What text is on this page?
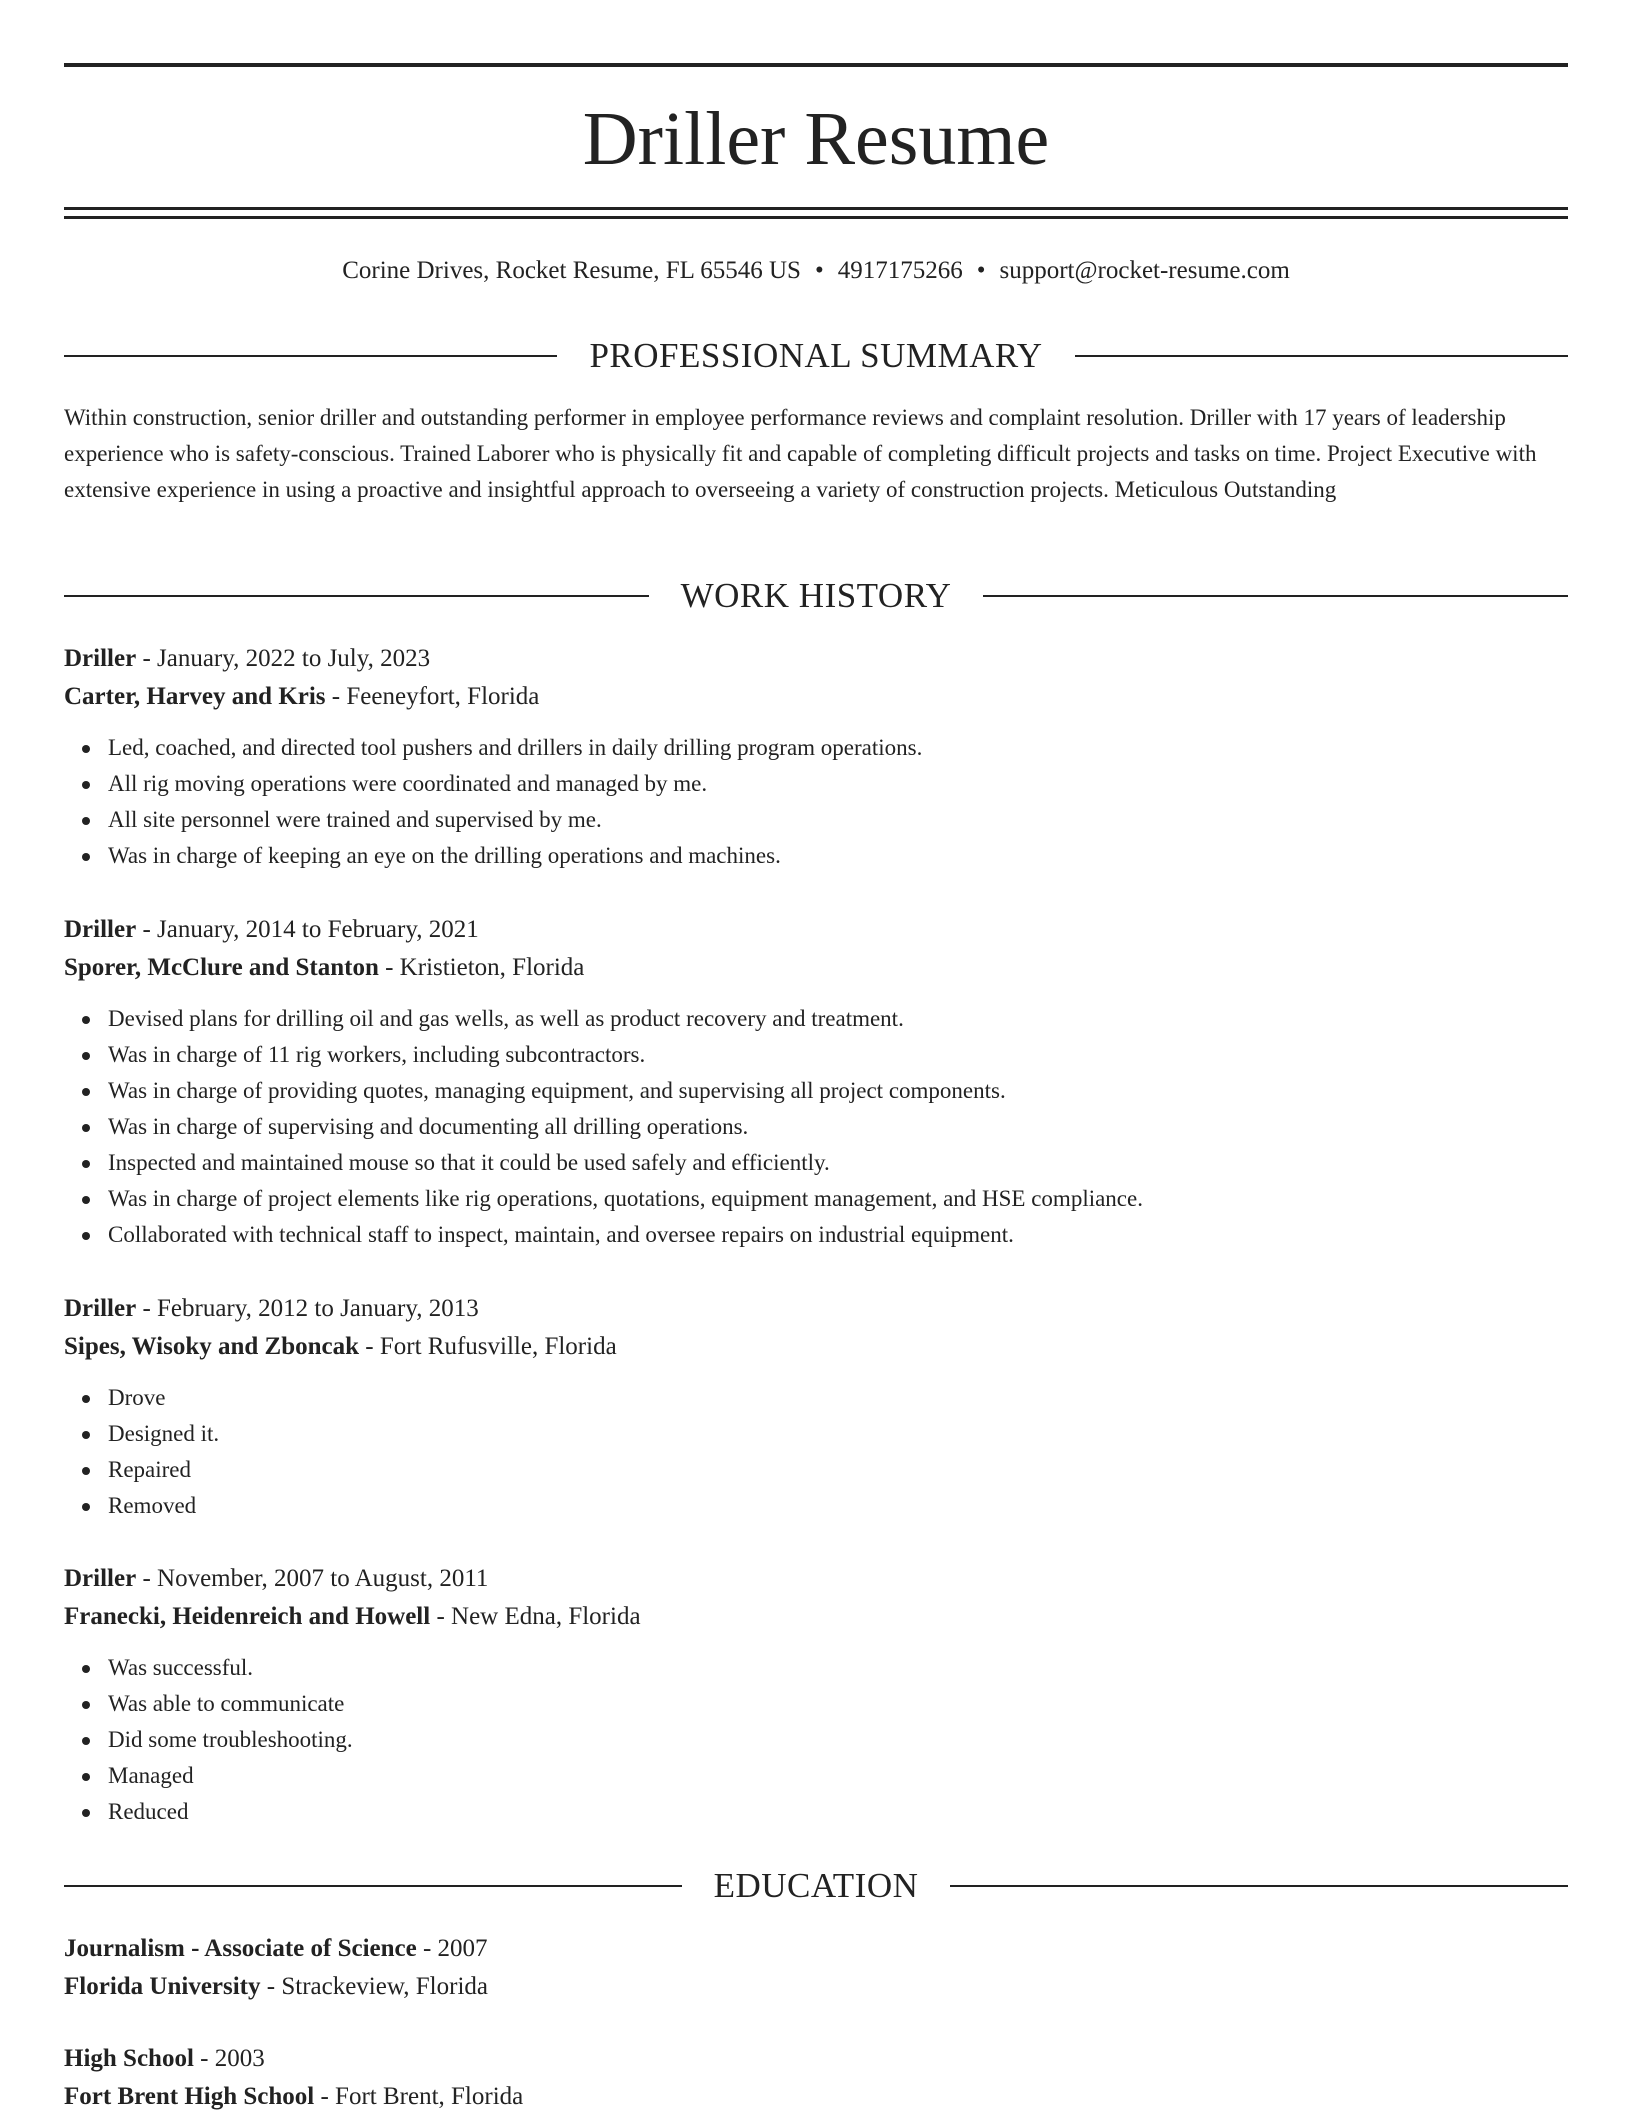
Driller Resume
Corine Drives, Rocket Resume, FL 65546 US • 4917175266 • support@rocket-resume.com
PROFESSIONAL SUMMARY

Within construction, senior driller and outstanding performer in employee performance reviews and complaint resolution. Driller with 17 years of leadership experience who is safety-conscious. Trained Laborer who is physically fit and capable of completing difficult projects and tasks on time. Project Executive with extensive experience in using a proactive and insightful approach to overseeing a variety of construction projects. Meticulous Outstanding

WORK HISTORY
Driller - January, 2022 to July, 2023
Carter, Harvey and Kris - Feeneyfort, Florida
Led, coached, and directed tool pushers and drillers in daily drilling program operations.
All rig moving operations were coordinated and managed by me.
All site personnel were trained and supervised by me.
Was in charge of keeping an eye on the drilling operations and machines.
Driller - January, 2014 to February, 2021
Sporer, McClure and Stanton - Kristieton, Florida
Devised plans for drilling oil and gas wells, as well as product recovery and treatment.
Was in charge of 11 rig workers, including subcontractors.
Was in charge of providing quotes, managing equipment, and supervising all project components.
Was in charge of supervising and documenting all drilling operations.
Inspected and maintained mouse so that it could be used safely and efficiently.
Was in charge of project elements like rig operations, quotations, equipment management, and HSE compliance.
Collaborated with technical staff to inspect, maintain, and oversee repairs on industrial equipment.
Driller - February, 2012 to January, 2013
Sipes, Wisoky and Zboncak - Fort Rufusville, Florida
Drove
Designed it.
Repaired
Removed
Driller - November, 2007 to August, 2011
Franecki, Heidenreich and Howell - New Edna, Florida
Was successful.
Was able to communicate
Did some troubleshooting.
Managed
Reduced
EDUCATION
Journalism - Associate of Science - 2007
Florida University - Strackeview, Florida
High School - 2003
Fort Brent High School - Fort Brent, Florida
